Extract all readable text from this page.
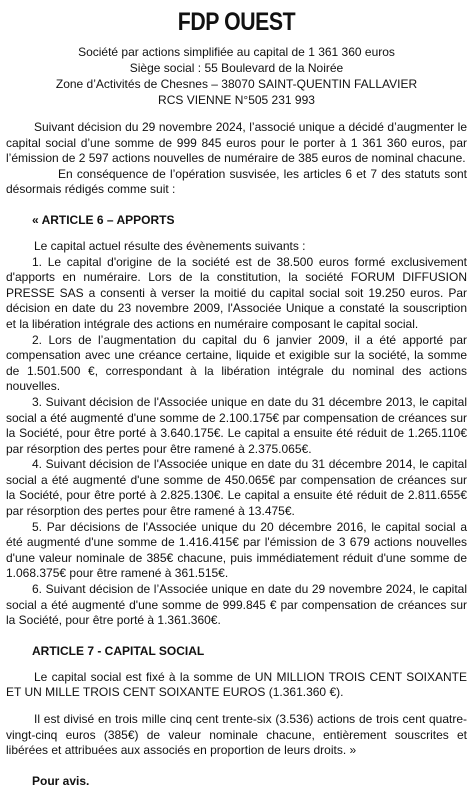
FDP OUEST
Société par actions simplifiée au capital de 1 361 360 euros
Siège social : 55 Boulevard de la Noirée
Zone d’Activités de Chesnes – 38070 SAINT-QUENTIN FALLAVIER
RCS VIENNE N°505 231 993

Suivant décision du 29 novembre 2024, l’associé unique a décidé d’augmenter le capital social d’une somme de 999 845 euros pour le porter à 1 361 360 euros, par l’émission de 2 597 actions nouvelles de numéraire de 385 euros de nominal chacune.

En conséquence de l’opération susvisée, les articles 6 et 7 des statuts sont désormais rédigés comme suit :

« ARTICLE 6 – APPORTS

Le capital actuel résulte des évènements suivants :

1. Le capital d'origine de la société est de 38.500 euros formé exclusivement d'apports en numéraire. Lors de la constitution, la société FORUM DIFFUSION PRESSE SAS a consenti à verser la moitié du capital social soit 19.250 euros. Par décision en date du 23 novembre 2009, l'Associée Unique a constaté la souscription et la libération intégrale des actions en numéraire composant le capital social.

2. Lors de l’augmentation du capital du 6 janvier 2009, il a été apporté par compensation avec une créance certaine, liquide et exigible sur la société, la somme de 1.501.500 €, correspondant à la libération intégrale du nominal des actions nouvelles.

3. Suivant décision de l'Associée unique en date du 31 décembre 2013, le capital social a été augmenté d'une somme de 2.100.175€ par compensation de créances sur la Société, pour être porté à 3.640.175€. Le capital a ensuite été réduit de 1.265.110€ par résorption des pertes pour être ramené à 2.375.065€.

4. Suivant décision de l'Associée unique en date du 31 décembre 2014, le capital social a été augmenté d'une somme de 450.065€ par compensation de créances sur la Société, pour être porté à 2.825.130€. Le capital a ensuite été réduit de 2.811.655€ par résorption des pertes pour être ramené à 13.475€.

5. Par décisions de l'Associée unique du 20 décembre 2016, le capital social a été augmenté d'une somme de 1.416.415€ par l'émission de 3 679 actions nouvelles d'une valeur nominale de 385€ chacune, puis immédiatement réduit d'une somme de 1.068.375€ pour être ramené à 361.515€.

6. Suivant décision de l’Associée unique en date du 29 novembre 2024, le capital social a été augmenté d'une somme de 999.845 € par compensation de créances sur la Société, pour être porté à 1.361.360€.

ARTICLE 7 - CAPITAL SOCIAL

Le capital social est fixé à la somme de UN MILLION TROIS CENT SOIXANTE ET UN MILLE TROIS CENT SOIXANTE EUROS (1.361.360 €).

Il est divisé en trois mille cinq cent trente-six (3.536) actions de trois cent quatre-vingt-cinq euros (385€) de valeur nominale chacune, entièrement souscrites et libérées et attribuées aux associés en proportion de leurs droits. »

Pour avis.
